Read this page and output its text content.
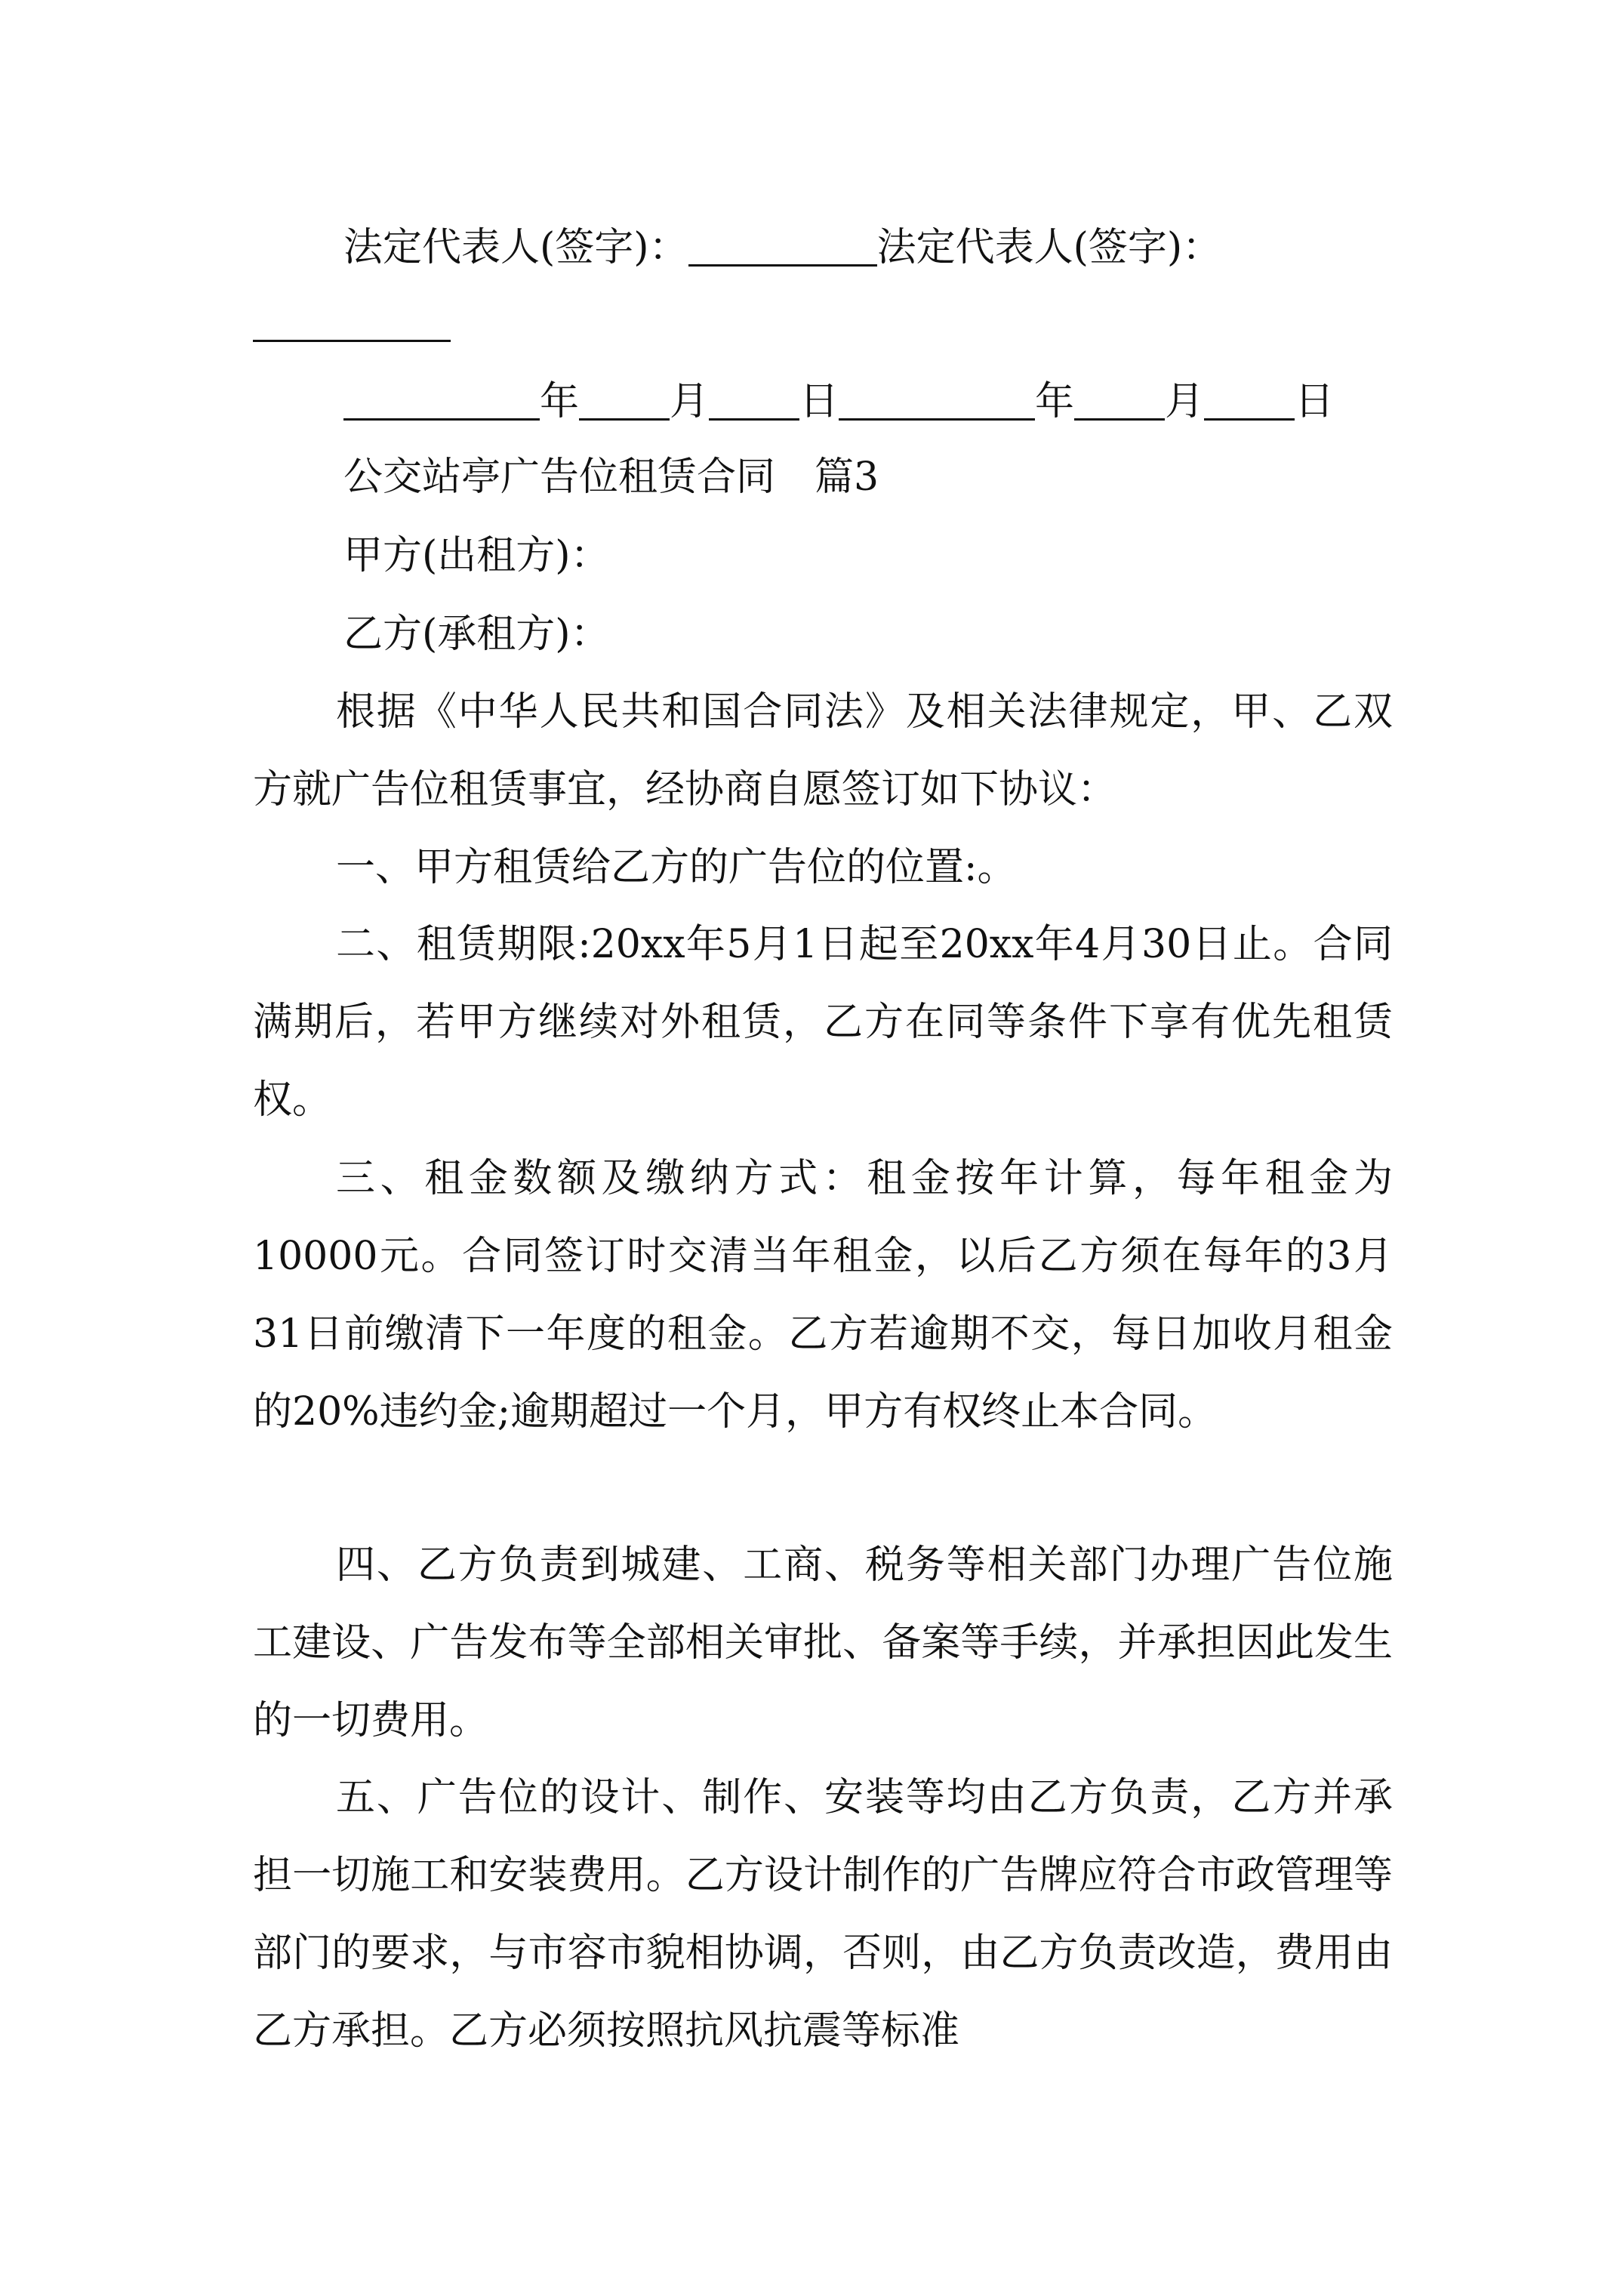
法定代表人(签字)：	法定代表人(签字)：
年 月 日	年 月 日
公交站亭广告位租赁合同 篇3
甲方(出租方)：
乙方(承租方)：
根据《中华人民共和国合同法》及相关法律规定，甲、乙双方就广告位租赁事宜，经协商自愿签订如下协议：
一、甲方租赁给乙方的广告位的位置:。
二、租赁期限:20xx年5月1日起至20xx年4月30日止。合同满期后，若甲方继续对外租赁，乙方在同等条件下享有优先租赁权。
三、租金数额及缴纳方式：租金按年计算，每年租金为10000元。合同签订时交清当年租金，以后乙方须在每年的3月31日前缴清下一年度的租金。乙方若逾期不交，每日加收月租金的20%违约金;逾期超过一个月，甲方有权终止本合同。
四、乙方负责到城建、工商、税务等相关部门办理广告位施工建设、广告发布等全部相关审批、备案等手续，并承担因此发生的一切费用。
五、广告位的设计、制作、安装等均由乙方负责，乙方并承担一切施工和安装费用。乙方设计制作的广告牌应符合市政管理等部门的要求，与市容市貌相协调，否则，由乙方负责改造，费用由乙方承担。乙方必须按照抗风抗震等标准
